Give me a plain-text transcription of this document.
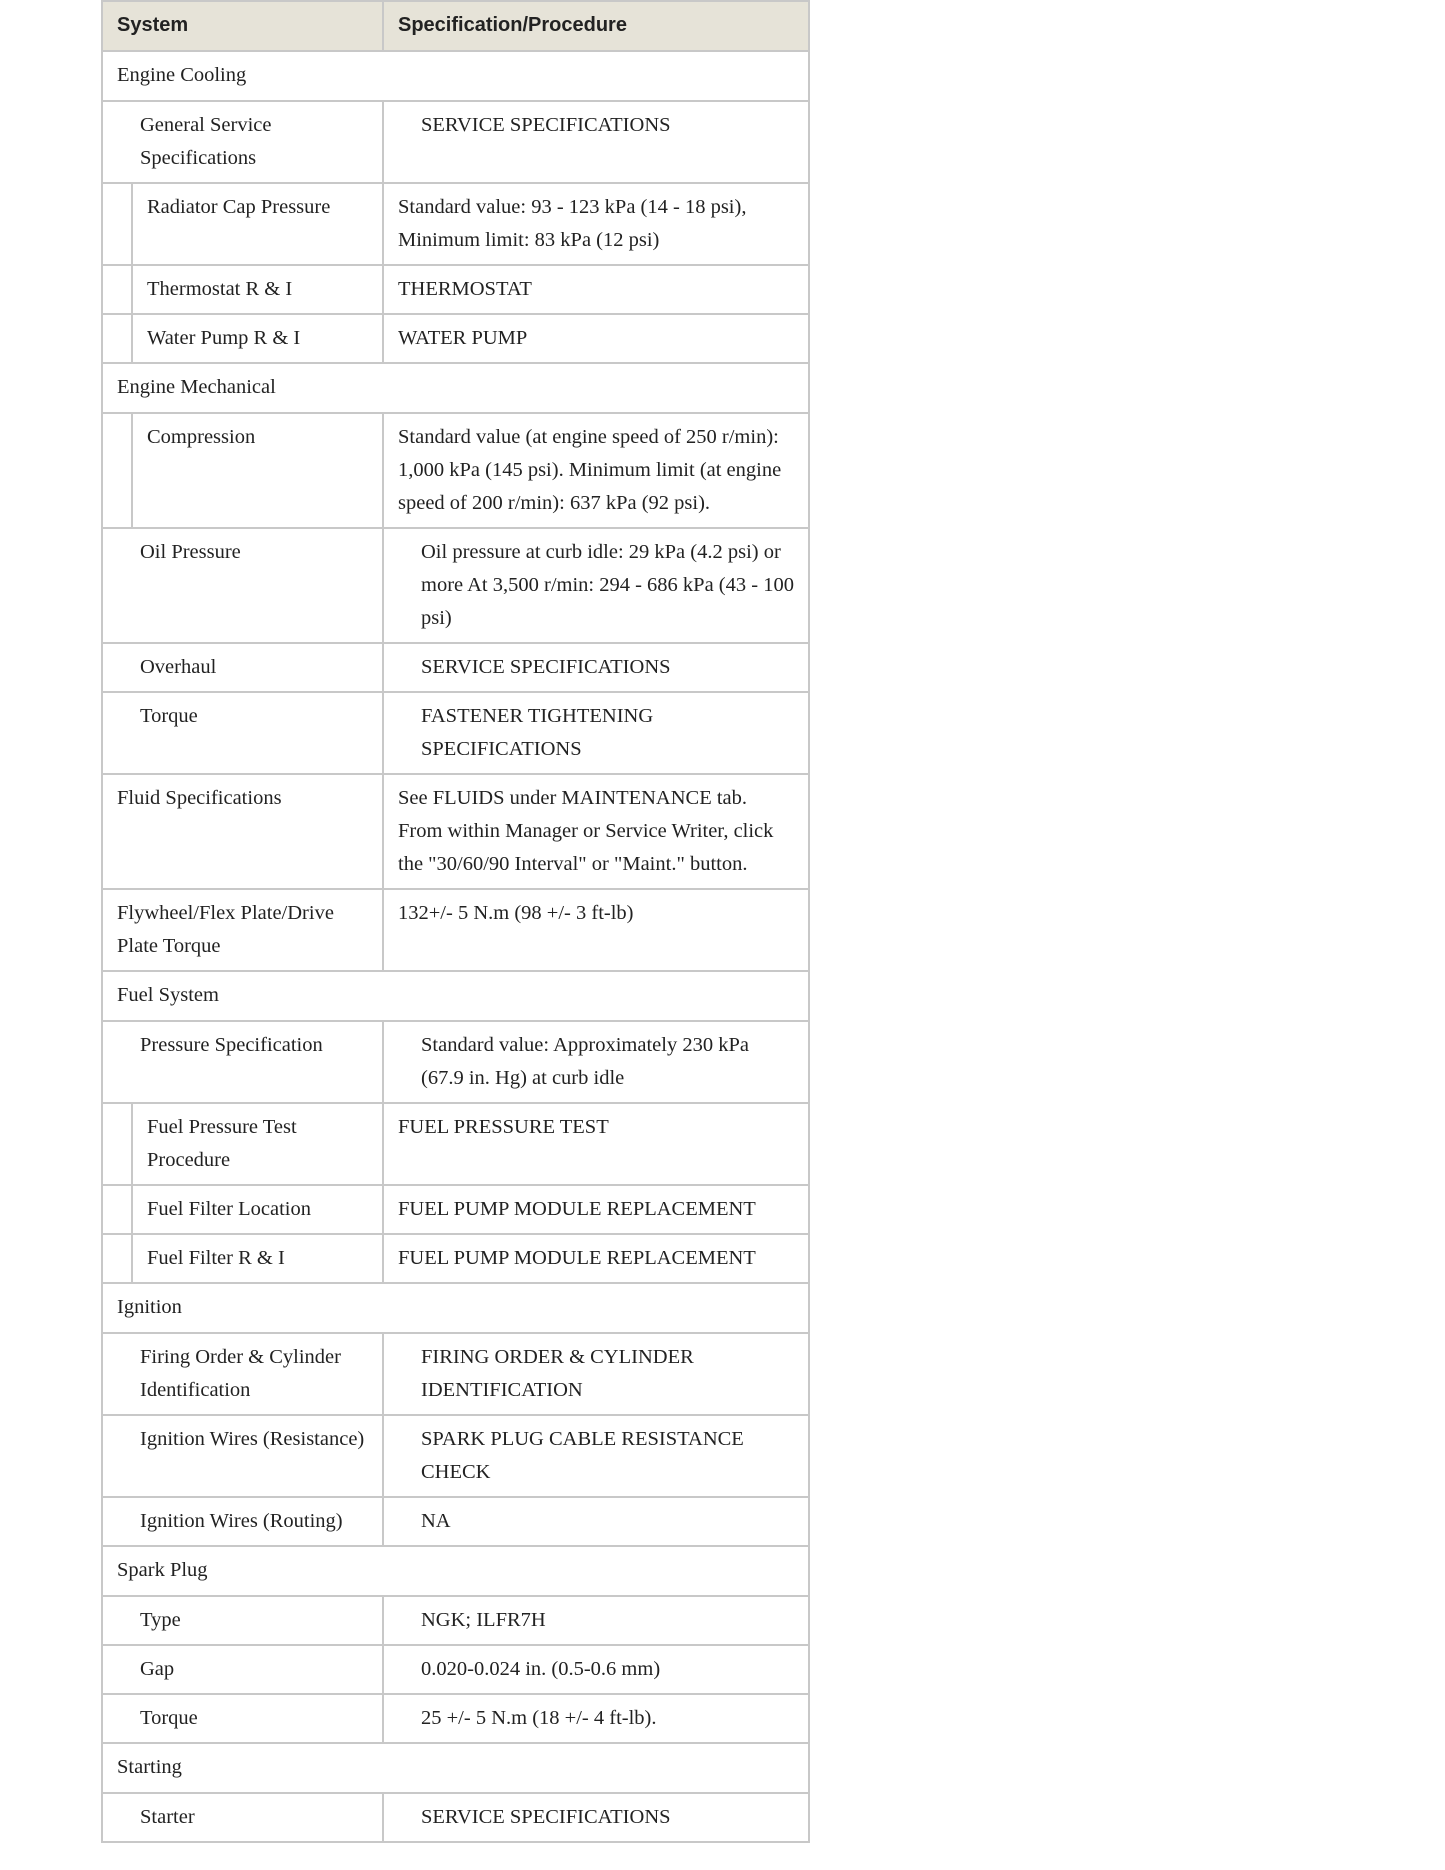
System		Specification/Procedure
Engine Cooling		
General Service Specifications		SERVICE SPECIFICATIONS
	Radiator Cap Pressure	Standard value: 93 - 123 kPa (14 - 18 psi), Minimum limit: 83 kPa (12 psi)
	Thermostat R & I	THERMOSTAT
	Water Pump R & I	WATER PUMP
Engine Mechanical		
	Compression	Standard value (at engine speed of 250 r/min): 1,000 kPa (145 psi). Minimum limit (at engine speed of 200 r/min): 637 kPa (92 psi).
Oil Pressure		Oil pressure at curb idle: 29 kPa (4.2 psi) or more At 3,500 r/min: 294 - 686 kPa (43 - 100 psi)
Overhaul		SERVICE SPECIFICATIONS
Torque		FASTENER TIGHTENING SPECIFICATIONS
Fluid Specifications		See FLUIDS under MAINTENANCE tab. From within Manager or Service Writer, click the "30/60/90 Interval" or "Maint." button.
Flywheel/Flex Plate/Drive Plate Torque		132+/- 5 N.m (98 +/- 3 ft-lb)
Fuel System		
Pressure Specification		Standard value: Approximately 230 kPa (67.9 in. Hg) at curb idle
	Fuel Pressure Test Procedure	FUEL PRESSURE TEST
	Fuel Filter Location	FUEL PUMP MODULE REPLACEMENT
	Fuel Filter R & I	FUEL PUMP MODULE REPLACEMENT
Ignition		
Firing Order & Cylinder Identification		FIRING ORDER & CYLINDER IDENTIFICATION
Ignition Wires (Resistance)		SPARK PLUG CABLE RESISTANCE CHECK
Ignition Wires (Routing)		NA
Spark Plug		
Type		NGK; ILFR7H
Gap		0.020-0.024 in. (0.5-0.6 mm)
Torque		25 +/- 5 N.m (18 +/- 4 ft-lb).
Starting		
Starter		SERVICE SPECIFICATIONS
